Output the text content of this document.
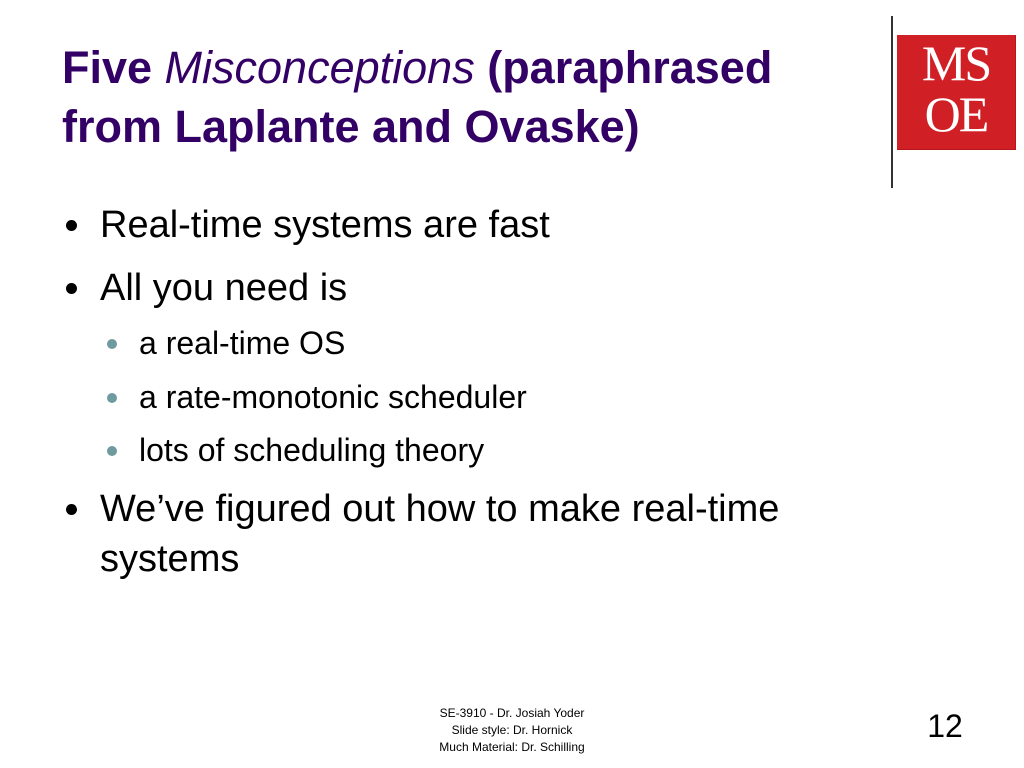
Five Misconceptions (paraphrased from Laplante and Ovaske)
MS
OE
Real-time systems are fast
All you need is
a real-time OS
a rate-monotonic scheduler
lots of scheduling theory
We’ve figured out how to make real-time systems
SE-3910 - Dr. Josiah Yoder
Slide style: Dr. Hornick
Much Material: Dr. Schilling
12
